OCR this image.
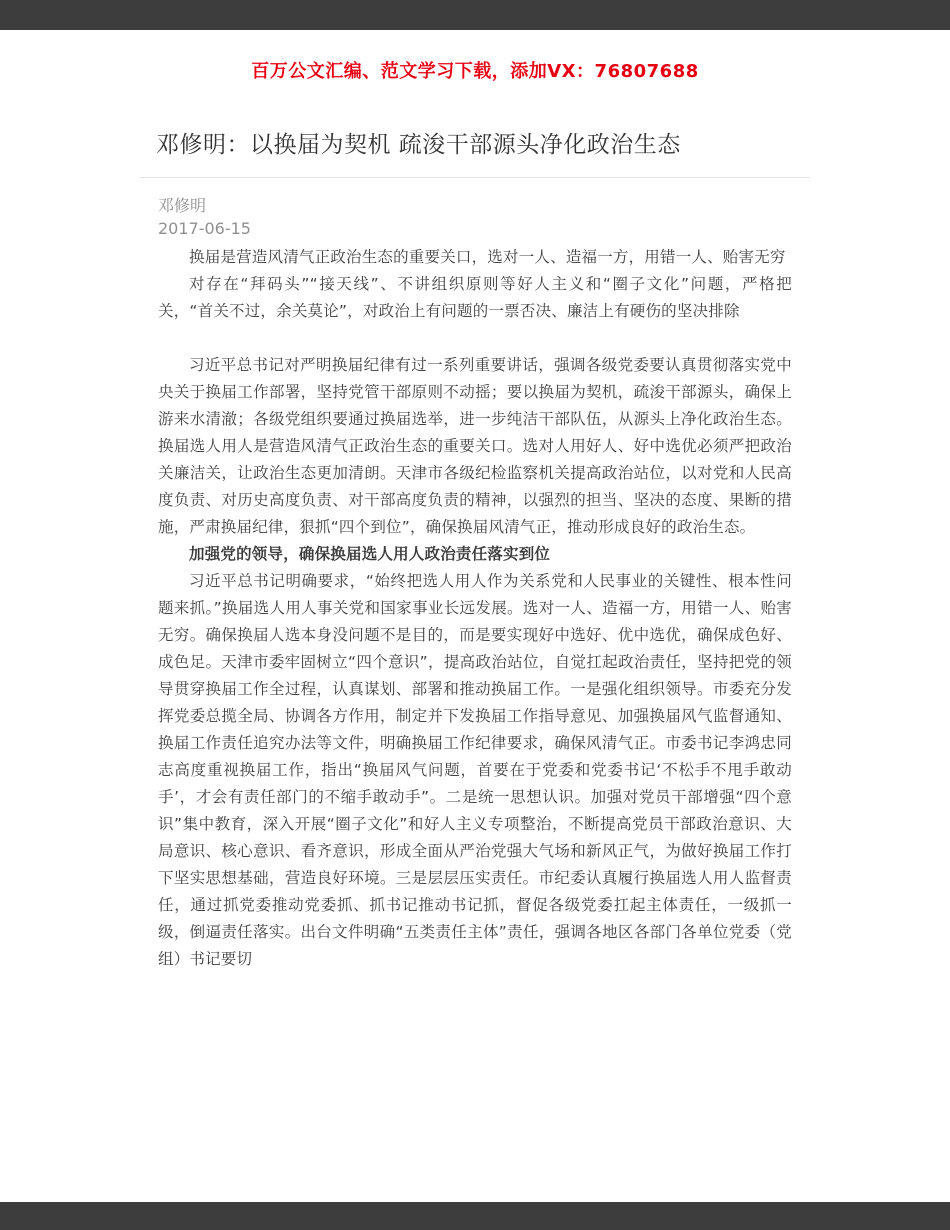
百万公文汇编、范文学习下载，添加VX：76807688
邓修明：以换届为契机 疏浚干部源头净化政治生态
邓修明
2017-06-15

换届是营造风清气正政治生态的重要关口，选对一人、造福一方，用错一人、贻害无穷

对存在“拜码头”“接天线”、不讲组织原则等好人主义和“圈子文化”问题，严格把关，“首关不过，余关莫论”，对政治上有问题的一票否决、廉洁上有硬伤的坚决排除

习近平总书记对严明换届纪律有过一系列重要讲话，强调各级党委要认真贯彻落实党中央关于换届工作部署，坚持党管干部原则不动摇；要以换届为契机，疏浚干部源头，确保上游来水清澈；各级党组织要通过换届选举，进一步纯洁干部队伍，从源头上净化政治生态。换届选人用人是营造风清气正政治生态的重要关口。选对人用好人、好中选优必须严把政治关廉洁关，让政治生态更加清朗。天津市各级纪检监察机关提高政治站位，以对党和人民高度负责、对历史高度负责、对干部高度负责的精神，以强烈的担当、坚决的态度、果断的措施，严肃换届纪律，狠抓“四个到位”，确保换届风清气正，推动形成良好的政治生态。

加强党的领导，确保换届选人用人政治责任落实到位

习近平总书记明确要求，“始终把选人用人作为关系党和人民事业的关键性、根本性问题来抓。”换届选人用人事关党和国家事业长远发展。选对一人、造福一方，用错一人、贻害无穷。确保换届人选本身没问题不是目的，而是要实现好中选好、优中选优，确保成色好、成色足。天津市委牢固树立“四个意识”，提高政治站位，自觉扛起政治责任，坚持把党的领导贯穿换届工作全过程，认真谋划、部署和推动换届工作。一是强化组织领导。市委充分发挥党委总揽全局、协调各方作用，制定并下发换届工作指导意见、加强换届风气监督通知、换届工作责任追究办法等文件，明确换届工作纪律要求，确保风清气正。市委书记李鸿忠同志高度重视换届工作，指出“换届风气问题，首要在于党委和党委书记‘不松手不甩手敢动手’，才会有责任部门的不缩手敢动手”。二是统一思想认识。加强对党员干部增强“四个意识”集中教育，深入开展“圈子文化”和好人主义专项整治，不断提高党员干部政治意识、大局意识、核心意识、看齐意识，形成全面从严治党强大气场和新风正气，为做好换届工作打下坚实思想基础，营造良好环境。三是层层压实责任。市纪委认真履行换届选人用人监督责任，通过抓党委推动党委抓、抓书记推动书记抓，督促各级党委扛起主体责任，一级抓一级，倒逼责任落实。出台文件明确“五类责任主体”责任，强调各地区各部门各单位党委（党组）书记要切
